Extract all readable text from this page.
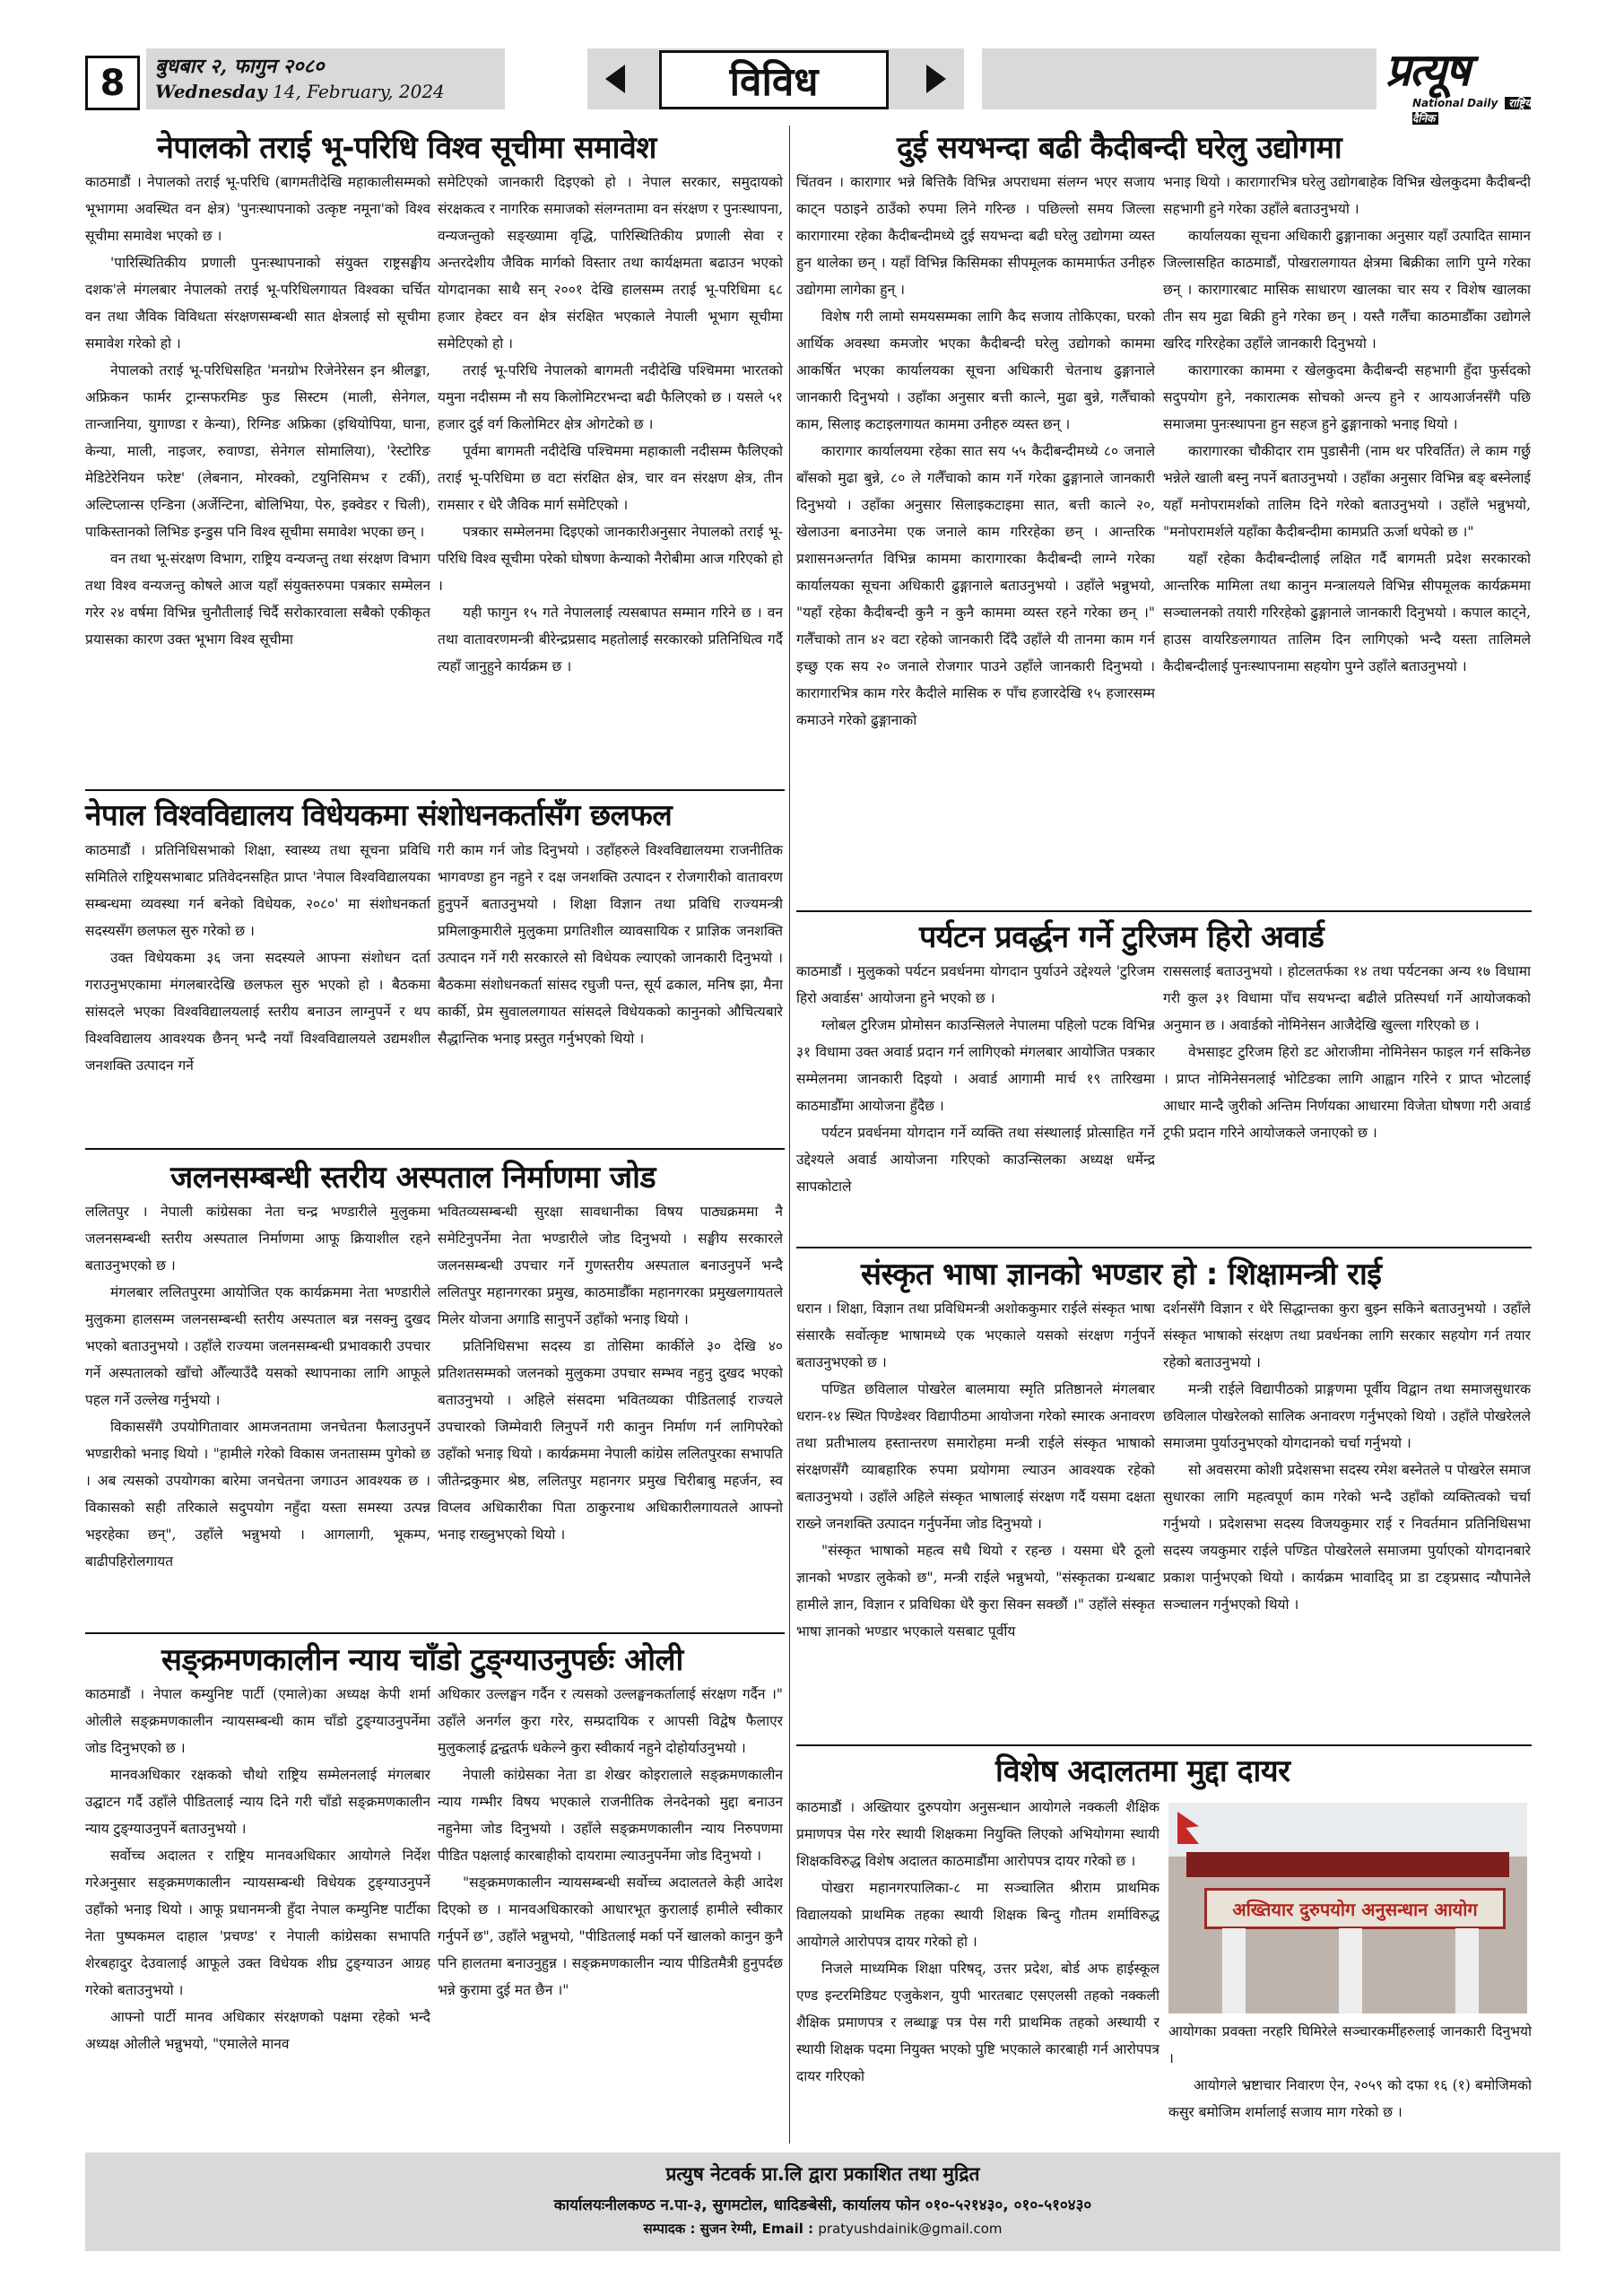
8	बुधबार २, फागुन २०८०
Wednesday 14, February, 2024	विविध	प्रत्यूष
National Daily राष्ट्रिय दैनिक
नेपालको तराई भू-परिधि विश्व सूचीमा समावेश

काठमाडौं । नेपालको तराई भू-परिधि (बागमतीदेखि महाकालीसम्मको भूभागमा अवस्थित वन क्षेत्र) 'पुनःस्थापनाको उत्कृष्ट नमूना'को विश्व सूचीमा समावेश भएको छ ।

'पारिस्थितिकीय प्रणाली पुनःस्थापनाको संयुक्त राष्ट्रसङ्घीय दशक'ले मंगलबार नेपालको तराई भू-परिधिलगायत विश्वका चर्चित वन तथा जैविक विविधता संरक्षणसम्बन्धी सात क्षेत्रलाई सो सूचीमा समावेश गरेको हो ।

नेपालको तराई भू-परिधिसहित 'मनग्रोभ रिजेनेरेसन इन श्रीलङ्का, अफ्रिकन फार्मर ट्रान्सफरमिङ फुड सिस्टम (माली, सेनेगल, तान्जानिया, युगाण्डा र केन्या), रिग्निङ अफ्रिका (इथियोपिया, घाना, केन्या, माली, नाइजर, रुवाण्डा, सेनेगल सोमालिया), 'रेस्टोरिङ मेडिटेरेनियन फरेष्ट' (लेबनान, मोरक्को, टयुनिसिमभ र टर्की), अल्टिप्लान्स एन्डिना (अर्जेन्टिना, बोलिभिया, पेरु, इक्वेडर र चिली), पाकिस्तानको लिभिङ इन्डुस पनि विश्व सूचीमा समावेश भएका छन् ।

वन तथा भू-संरक्षण विभाग, राष्ट्रिय वन्यजन्तु तथा संरक्षण विभाग तथा विश्व वन्यजन्तु कोषले आज यहाँ संयुक्तरुपमा पत्रकार सम्मेलन गरेर २४ वर्षमा विभिन्न चुनौतीलाई चिर्दै सरोकारवाला सबैको एकीकृत प्रयासका कारण उक्त भूभाग विश्व सूचीमा

समेटिएको जानकारी दिइएको हो । नेपाल सरकार, समुदायको संरक्षकत्व र नागरिक समाजको संलग्नतामा वन संरक्षण र पुनःस्थापना, वन्यजन्तुको सङ्ख्यामा वृद्धि, पारिस्थितिकीय प्रणाली सेवा र अन्तरदेशीय जैविक मार्गको विस्तार तथा कार्यक्षमता बढाउन भएको योगदानका साथै सन् २००१ देखि हालसम्म तराई भू-परिधिमा ६८ हजार हेक्टर वन क्षेत्र संरक्षित भएकाले नेपाली भूभाग सूचीमा समेटिएको हो ।

तराई भू-परिधि नेपालको बागमती नदीदेखि पश्चिममा भारतको यमुना नदीसम्म नौ सय किलोमिटरभन्दा बढी फैलिएको छ । यसले ५१ हजार दुई वर्ग किलोमिटर क्षेत्र ओगटेको छ ।

पूर्वमा बागमती नदीदेखि पश्चिममा महाकाली नदीसम्म फैलिएको तराई भू-परिधिमा छ वटा संरक्षित क्षेत्र, चार वन संरक्षण क्षेत्र, तीन रामसार र धेरै जैविक मार्ग समेटिएको ।

पत्रकार सम्मेलनमा दिइएको जानकारीअनुसार नेपालको तराई भू-परिधि विश्व सूचीमा परेको घोषणा केन्याको नैरोबीमा आज गरिएको हो ।

यही फागुन १५ गते नेपाललाई त्यसबापत सम्मान गरिने छ । वन तथा वातावरणमन्त्री बीरेन्द्रप्रसाद महतोलाई सरकारको प्रतिनिधित्व गर्दै त्यहाँ जानुहुने कार्यक्रम छ ।

दुई सयभन्दा बढी कैदीबन्दी घरेलु उद्योगमा

चिंतवन । कारागार भन्ने बित्तिकै विभिन्न अपराधमा संलग्न भएर सजाय काट्न पठाइने ठाउँको रुपमा लिने गरिन्छ । पछिल्लो समय जिल्ला कारागारमा रहेका कैदीबन्दीमध्ये दुई सयभन्दा बढी घरेलु उद्योगमा व्यस्त हुन थालेका छन् । यहाँ विभिन्न किसिमका सीपमूलक काममार्फत उनीहरु उद्योगमा लागेका हुन् ।

विशेष गरी लामो समयसम्मका लागि कैद सजाय तोकिएका, घरको आर्थिक अवस्था कमजोर भएका कैदीबन्दी घरेलु उद्योगको काममा आकर्षित भएका कार्यालयका सूचना अधिकारी चेतनाथ ढुङ्गानाले जानकारी दिनुभयो । उहाँका अनुसार बत्ती कात्ने, मुढा बुन्ने, गलैँचाको काम, सिलाइ कटाइलगायत काममा उनीहरु व्यस्त छन् ।

कारागार कार्यालयमा रहेका सात सय ५५ कैदीबन्दीमध्ये ८० जनाले बाँसको मुढा बुन्ने, ८० ले गलैँचाको काम गर्ने गरेका ढुङ्गानाले जानकारी दिनुभयो । उहाँका अनुसार सिलाइकटाइमा सात, बत्ती कात्ने २०, खेलाउना बनाउनेमा एक जनाले काम गरिरहेका छन् । आन्तरिक प्रशासनअन्तर्गत विभिन्न काममा कारागारका कैदीबन्दी लाग्ने गरेका कार्यालयका सूचना अधिकारी ढुङ्गानाले बताउनुभयो । उहाँले भन्नुभयो, "यहाँ रहेका कैदीबन्दी कुनै न कुनै काममा व्यस्त रहने गरेका छन् ।" गलैँचाको तान ४२ वटा रहेको जानकारी दिँदै उहाँले यी तानमा काम गर्न इच्छु एक सय २० जनाले रोजगार पाउने उहाँले जानकारी दिनुभयो । कारागारभित्र काम गरेर कैदीले मासिक रु पाँच हजारदेखि १५ हजारसम्म कमाउने गरेको ढुङ्गानाको

भनाइ थियो । कारागारभित्र घरेलु उद्योगबाहेक विभिन्न खेलकुदमा कैदीबन्दी सहभागी हुने गरेका उहाँले बताउनुभयो ।

कार्यालयका सूचना अधिकारी ढुङ्गानाका अनुसार यहाँ उत्पादित सामान जिल्लासहित काठमाडौं, पोखरालगायत क्षेत्रमा बिक्रीका लागि पुग्ने गरेका छन् । कारागारबाट मासिक साधारण खालका चार सय र विशेष खालका तीन सय मुढा बिक्री हुने गरेका छन् । यस्तै गलैँचा काठमाडौँका उद्योगले खरिद गरिरहेका उहाँले जानकारी दिनुभयो ।

कारागारका काममा र खेलकुदमा कैदीबन्दी सहभागी हुँदा फुर्सदको सदुपयोग हुने, नकारात्मक सोचको अन्त्य हुने र आयआर्जनसँगै पछि समाजमा पुनःस्थापना हुन सहज हुने ढुङ्गानाको भनाइ थियो ।

कारागारका चौकीदार राम पुडासैनी (नाम थर परिवर्तित) ले काम गर्छु भन्नेले खाली बस्नु नपर्ने बताउनुभयो । उहाँका अनुसार विभिन्न बङ् बस्नेलाई यहाँ मनोपरामर्शको तालिम दिने गरेको बताउनुभयो । उहाँले भन्नुभयो, "मनोपरामर्शले यहाँका कैदीबन्दीमा कामप्रति ऊर्जा थपेको छ ।"

यहाँ रहेका कैदीबन्दीलाई लक्षित गर्दै बागमती प्रदेश सरकारको आन्तरिक मामिला तथा कानुन मन्त्रालयले विभिन्न सीपमूलक कार्यक्रममा सञ्चालनको तयारी गरिरहेको ढुङ्गानाले जानकारी दिनुभयो । कपाल काट्ने, हाउस वायरिङलगायत तालिम दिन लागिएको भन्दै यस्ता तालिमले कैदीबन्दीलाई पुनःस्थापनामा सहयोग पुग्ने उहाँले बताउनुभयो ।

नेपाल विश्वविद्यालय विधेयकमा संशोधनकर्तासँग छलफल

काठमाडौं । प्रतिनिधिसभाको शिक्षा, स्वास्थ्य तथा सूचना प्रविधि समितिले राष्ट्रियसभाबाट प्रतिवेदनसहित प्राप्त 'नेपाल विश्वविद्यालयका सम्बन्धमा व्यवस्था गर्न बनेको विधेयक, २०८०' मा संशोधनकर्ता सदस्यसँग छलफल सुरु गरेको छ ।

उक्त विधेयकमा ३६ जना सदस्यले आफ्ना संशोधन दर्ता गराउनुभएकामा मंगलबारदेखि छलफल सुरु भएको हो । बैठकमा सांसदले भएका विश्वविद्यालयलाई स्तरीय बनाउन लाग्नुपर्ने र थप विश्वविद्यालय आवश्यक छैनन् भन्दै नयाँ विश्वविद्यालयले उद्यमशील जनशक्ति उत्पादन गर्ने

गरी काम गर्न जोड दिनुभयो । उहाँहरुले विश्वविद्यालयमा राजनीतिक भागवण्डा हुन नहुने र दक्ष जनशक्ति उत्पादन र रोजगारीको वातावरण हुनुपर्ने बताउनुभयो । शिक्षा विज्ञान तथा प्रविधि राज्यमन्त्री प्रमिलाकुमारीले मुलुकमा प्रगतिशील व्यावसायिक र प्राज्ञिक जनशक्ति उत्पादन गर्ने गरी सरकारले सो विधेयक ल्याएको जानकारी दिनुभयो । बैठकमा संशोधनकर्ता सांसद रघुजी पन्त, सूर्य ढकाल, मनिष झा, मैना कार्की, प्रेम सुवाललगायत सांसदले विधेयकको कानुनको औचित्यबारे सैद्धान्तिक भनाइ प्रस्तुत गर्नुभएको थियो ।

पर्यटन प्रवर्द्धन गर्ने टुरिजम हिरो अवार्ड

काठमाडौं । मुलुकको पर्यटन प्रवर्धनमा योगदान पुर्याउने उद्देश्यले 'टुरिजम हिरो अवार्डस' आयोजना हुने भएको छ ।

ग्लोबल टुरिजम प्रोमोसन काउन्सिलले नेपालमा पहिलो पटक विभिन्न ३१ विधामा उक्त अवार्ड प्रदान गर्न लागिएको मंगलबार आयोजित पत्रकार सम्मेलनमा जानकारी दिइयो । अवार्ड आगामी मार्च १९ तारिखमा काठमाडौँमा आयोजना हुँदैछ ।

पर्यटन प्रवर्धनमा योगदान गर्ने व्यक्ति तथा संस्थालाई प्रोत्साहित गर्ने उद्देश्यले अवार्ड आयोजना गरिएको काउन्सिलका अध्यक्ष धर्मेन्द्र सापकोटाले

राससलाई बताउनुभयो । होटलतर्फका १४ तथा पर्यटनका अन्य १७ विधामा गरी कुल ३१ विधामा पाँच सयभन्दा बढीले प्रतिस्पर्धा गर्ने आयोजकको अनुमान छ । अवार्डको नोमिनेसन आजैदेखि खुल्ला गरिएको छ ।

वेभसाइट टुरिजम हिरो डट ओराजीमा नोमिनेसन फाइल गर्न सकिनेछ । प्राप्त नोमिनेसनलाई भोटिङका लागि आह्वान गरिने र प्राप्त भोटलाई आधार मान्दै जुरीको अन्तिम निर्णयका आधारमा विजेता घोषणा गरी अवार्ड ट्रफी प्रदान गरिने आयोजकले जनाएको छ ।

जलनसम्बन्धी स्तरीय अस्पताल निर्माणमा जोड

ललितपुर । नेपाली कांग्रेसका नेता चन्द्र भण्डारीले मुलुकमा जलनसम्बन्धी स्तरीय अस्पताल निर्माणमा आफू क्रियाशील रहने बताउनुभएको छ ।

मंगलबार ललितपुरमा आयोजित एक कार्यक्रममा नेता भण्डारीले मुलुकमा हालसम्म जलनसम्बन्धी स्तरीय अस्पताल बन्न नसक्नु दुखद भएको बताउनुभयो । उहाँले राज्यमा जलनसम्बन्धी प्रभावकारी उपचार गर्ने अस्पतालको खाँचो औँल्याउँदै यसको स्थापनाका लागि आफूले पहल गर्ने उल्लेख गर्नुभयो ।

विकाससँगै उपयोगितावार आमजनतामा जनचेतना फैलाउनुपर्ने भण्डारीको भनाइ थियो । "हामीले गरेको विकास जनतासम्म पुगेको छ । अब त्यसको उपयोगका बारेमा जनचेतना जगाउन आवश्यक छ । विकासको सही तरिकाले सदुपयोग नहुँदा यस्ता समस्या उत्पन्न भइरहेका छन्", उहाँले भन्नुभयो । आगलागी, भूकम्प, बाढीपहिरोलगायत

भवितव्यसम्बन्धी सुरक्षा सावधानीका विषय पाठ्यक्रममा नै समेटिनुपर्नेमा नेता भण्डारीले जोड दिनुभयो । सङ्घीय सरकारले जलनसम्बन्धी उपचार गर्ने गुणस्तरीय अस्पताल बनाउनुपर्ने भन्दै ललितपुर महानगरका प्रमुख, काठमाडौँका महानगरका प्रमुखलगायतले मिलेर योजना अगाडि सानुपर्ने उहाँको भनाइ थियो ।

प्रतिनिधिसभा सदस्य डा तोसिमा कार्कीले ३० देखि ४० प्रतिशतसम्मको जलनको मुलुकमा उपचार सम्भव नहुनु दुखद भएको बताउनुभयो । अहिले संसदमा भवितव्यका पीडितलाई राज्यले उपचारको जिम्मेवारी लिनुपर्ने गरी कानुन निर्माण गर्न लागिपरेको उहाँको भनाइ थियो । कार्यक्रममा नेपाली कांग्रेस ललितपुरका सभापति जीतेन्द्रकुमार श्रेष्ठ, ललितपुर महानगर प्रमुख चिरीबाबु महर्जन, स्व विप्लव अधिकारीका पिता ठाकुरनाथ अधिकारीलगायतले आफ्नो भनाइ राख्नुभएको थियो ।

संस्कृत भाषा ज्ञानको भण्डार हो : शिक्षामन्त्री राई

धरान । शिक्षा, विज्ञान तथा प्रविधिमन्त्री अशोककुमार राईले संस्कृत भाषा संसारकै सर्वोत्कृष्ट भाषामध्ये एक भएकाले यसको संरक्षण गर्नुपर्ने बताउनुभएको छ ।

पण्डित छविलाल पोखरेल बालमाया स्मृति प्रतिष्ठानले मंगलबार धरान-१४ स्थित पिण्डेश्वर विद्यापीठमा आयोजना गरेको स्मारक अनावरण तथा प्रतीभालय हस्तान्तरण समारोहमा मन्त्री राईले संस्कृत भाषाको संरक्षणसँगै व्याबहारिक रुपमा प्रयोगमा ल्याउन आवश्यक रहेको बताउनुभयो । उहाँले अहिले संस्कृत भाषालाई संरक्षण गर्दै यसमा दक्षता राख्ने जनशक्ति उत्पादन गर्नुपर्नेमा जोड दिनुभयो ।

"संस्कृत भाषाको महत्व सधै थियो र रहन्छ । यसमा धेरै ठूलो ज्ञानको भण्डार लुकेको छ", मन्त्री राईले भन्नुभयो, "संस्कृतका ग्रन्थबाट हामीले ज्ञान, विज्ञान र प्रविधिका धेरै कुरा सिक्न सक्छौं ।" उहाँले संस्कृत भाषा ज्ञानको भण्डार भएकाले यसबाट पूर्वीय

दर्शनसँगै विज्ञान र धेरै सिद्धान्तका कुरा बुझ्न सकिने बताउनुभयो । उहाँले संस्कृत भाषाको संरक्षण तथा प्रवर्धनका लागि सरकार सहयोग गर्न तयार रहेको बताउनुभयो ।

मन्त्री राईले विद्यापीठको प्राङ्गणमा पूर्वीय विद्वान तथा समाजसुधारक छविलाल पोखरेलको सालिक अनावरण गर्नुभएको थियो । उहाँले पोखरेलले समाजमा पुर्याउनुभएको योगदानको चर्चा गर्नुभयो ।

सो अवसरमा कोशी प्रदेशसभा सदस्य रमेश बस्नेतले प पोखरेल समाज सुधारका लागि महत्वपूर्ण काम गरेको भन्दै उहाँको व्यक्तित्वको चर्चा गर्नुभयो । प्रदेशसभा सदस्य विजयकुमार राई र निवर्तमान प्रतिनिधिसभा सदस्य जयकुमार राईले पण्डित पोखरेलले समाजमा पुर्याएको योगदानबारे प्रकाश पार्नुभएको थियो । कार्यक्रम भावादिद् प्रा डा टङ्प्रसाद न्यौपानेले सञ्चालन गर्नुभएको थियो ।

सङ्क्रमणकालीन न्याय चाँडो टुङ्ग्याउनुपर्छः ओली

काठमाडौं । नेपाल कम्युनिष्ट पार्टी (एमाले)का अध्यक्ष केपी शर्मा ओलीले सङ्क्रमणकालीन न्यायसम्बन्धी काम चाँडो टुङ्ग्याउनुपर्नेमा जोड दिनुभएको छ ।

मानवअधिकार रक्षकको चौथो राष्ट्रिय सम्मेलनलाई मंगलबार उद्घाटन गर्दै उहाँले पीडितलाई न्याय दिने गरी चाँडो सङ्क्रमणकालीन न्याय टुङ्ग्याउनुपर्ने बताउनुभयो ।

सर्वोच्च अदालत र राष्ट्रिय मानवअधिकार आयोगले निर्देश गरेअनुसार सङ्क्रमणकालीन न्यायसम्बन्धी विधेयक टुङ्ग्याउनुपर्ने उहाँको भनाइ थियो । आफू प्रधानमन्त्री हुँदा नेपाल कम्युनिष्ट पार्टीका नेता पुष्पकमल दाहाल 'प्रचण्ड' र नेपाली कांग्रेसका सभापति शेरबहादुर देउवालाई आफूले उक्त विधेयक शीघ्र टुङ्ग्याउन आग्रह गरेको बताउनुभयो ।

आफ्नो पार्टी मानव अधिकार संरक्षणको पक्षमा रहेको भन्दै अध्यक्ष ओलीले भन्नुभयो, "एमालेले मानव

अधिकार उल्लङ्घन गर्दैन र त्यसको उल्लङ्घनकर्तालाई संरक्षण गर्दैन ।" उहाँले अनर्गल कुरा गरेर, सम्प्रदायिक र आपसी विद्वेष फैलाएर मुलुकलाई द्वन्द्वतर्फ धकेल्ने कुरा स्वीकार्य नहुने दोहोर्याउनुभयो ।

नेपाली कांग्रेसका नेता डा शेखर कोइरालाले सङ्क्रमणकालीन न्याय गम्भीर विषय भएकाले राजनीतिक लेनदेनको मुद्दा बनाउन नहुनेमा जोड दिनुभयो । उहाँले सङ्क्रमणकालीन न्याय निरुपणमा पीडित पक्षलाई कारबाहीको दायरामा ल्याउनुपर्नेमा जोड दिनुभयो ।

"सङ्क्रमणकालीन न्यायसम्बन्धी सर्वोच्च अदालतले केही आदेश दिएको छ । मानवअधिकारको आधारभूत कुरालाई हामीले स्वीकार गर्नुपर्ने छ", उहाँले भन्नुभयो, "पीडितलाई मर्का पर्ने खालको कानुन कुनै पनि हालतमा बनाउनुहुन्न । सङ्क्रमणकालीन न्याय पीडितमैत्री हुनुपर्दछ भन्ने कुरामा दुई मत छैन ।"

विशेष अदालतमा मुद्दा दायर

काठमाडौं । अख्तियार दुरुपयोग अनुसन्धान आयोगले नक्कली शैक्षिक प्रमाणपत्र पेस गरेर स्थायी शिक्षकमा नियुक्ति लिएको अभियोगमा स्थायी शिक्षकविरुद्ध विशेष अदालत काठमाडौंमा आरोपपत्र दायर गरेको छ ।

पोखरा महानगरपालिका-८ मा सञ्चालित श्रीराम प्राथमिक विद्यालयको प्राथमिक तहका स्थायी शिक्षक बिन्दु गौतम शर्माविरुद्ध आयोगले आरोपपत्र दायर गरेको हो ।

निजले माध्यमिक शिक्षा परिषद्, उत्तर प्रदेश, बोर्ड अफ हाईस्कूल एण्ड इन्टरमिडियट एजुकेशन, युपी भारतबाट एसएलसी तहको नक्कली शैक्षिक प्रमाणपत्र र लब्धाङ्क पत्र पेस गरी प्राथमिक तहको अस्थायी र स्थायी शिक्षक पदमा नियुक्त भएको पुष्टि भएकाले कारबाही गर्न आरोपपत्र दायर गरिएको

अख्तियार दुरुपयोग अनुसन्धान आयोग

आयोगका प्रवक्ता नरहरि घिमिरेले सञ्चारकर्मीहरुलाई जानकारी दिनुभयो ।

आयोगले भ्रष्टाचार निवारण ऐन, २०५९ को दफा १६ (१) बमोजिमको कसुर बमोजिम शर्मालाई सजाय माग गरेको छ ।

प्रत्युष नेटवर्क प्रा.लि द्वारा प्रकाशित तथा मुद्रित
कार्यालयःनीलकण्ठ न.पा-३, सुगमटोल, धादिङबेसी, कार्यालय फोन ०१०-५२१४३०, ०१०-५१०४३०
सम्पादक : सुजन रेग्मी, Email : pratyushdainik@gmail.com
